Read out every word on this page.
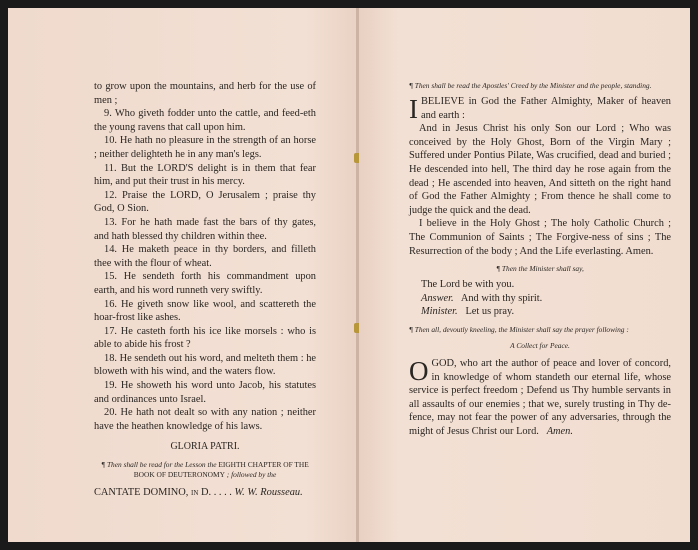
to grow upon the mountains, and herb for the use of men ;

9. Who giveth fodder unto the cattle, and feed-eth the young ravens that call upon him.

10. He hath no pleasure in the strength of an horse ; neither delighteth he in any man's legs.

11. But the LORD'S delight is in them that fear him, and put their trust in his mercy.

12. Praise the LORD, O Jerusalem ; praise thy God, O Sion.

13. For he hath made fast the bars of thy gates, and hath blessed thy children within thee.

14. He maketh peace in thy borders, and filleth thee with the flour of wheat.

15. He sendeth forth his commandment upon earth, and his word runneth very swiftly.

16. He giveth snow like wool, and scattereth the hoar-frost like ashes.

17. He casteth forth his ice like morsels : who is able to abide his frost ?

18. He sendeth out his word, and melteth them : he bloweth with his wind, and the waters flow.

19. He showeth his word unto Jacob, his statutes and ordinances unto Israel.

20. He hath not dealt so with any nation ; neither have the heathen knowledge of his laws.

GLORIA PATRI.

¶ Then shall be read for the Lesson the EIGHTH CHAPTER OF THE BOOK OF DEUTERONOMY ; followed by the

CANTATE DOMINO, in D. . . . . W. W. Rousseau.

¶ Then shall be read the Apostles' Creed by the Minister and the people, standing.

IBELIEVE in God the Father Almighty, Maker of heaven and earth :

And in Jesus Christ his only Son our Lord ; Who was conceived by the Holy Ghost, Born of the Virgin Mary ; Suffered under Pontius Pilate, Was crucified, dead and buried ; He descended into hell, The third day he rose again from the dead ; He ascended into heaven, And sitteth on the right hand of God the Father Almighty ; From thence he shall come to judge the quick and the dead.

I believe in the Holy Ghost ; The holy Catholic Church ; The Communion of Saints ; The Forgive-ness of sins ; The Resurrection of the body ; And the Life everlasting. Amen.

¶ Then the Minister shall say,

The Lord be with you.

Answer. And with thy spirit.

Minister. Let us pray.

¶ Then all, devoutly kneeling, the Minister shall say the prayer following :

A Collect for Peace.

OGOD, who art the author of peace and lover of concord, in knowledge of whom standeth our eternal life, whose service is perfect freedom ; Defend us Thy humble servants in all assaults of our enemies ; that we, surely trusting in Thy de-fence, may not fear the power of any adversaries, through the might of Jesus Christ our Lord. Amen.
